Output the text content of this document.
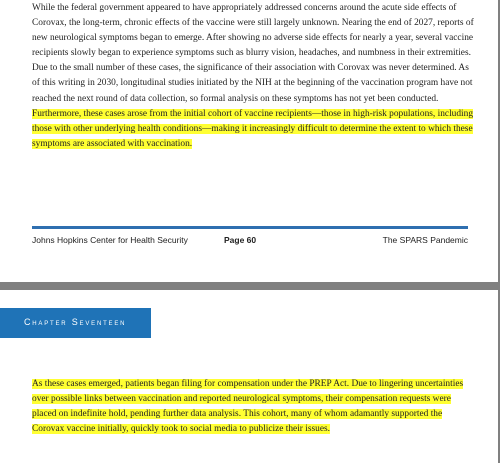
While the federal government appeared to have appropriately addressed concerns around the acute side effects of Corovax, the long-term, chronic effects of the vaccine were still largely unknown. Nearing the end of 2027, reports of new neurological symptoms began to emerge. After showing no adverse side effects for nearly a year, several vaccine recipients slowly began to experience symptoms such as blurry vision, headaches, and numbness in their extremities. Due to the small number of these cases, the significance of their association with Corovax was never determined. As of this writing in 2030, longitudinal studies initiated by the NIH at the beginning of the vaccination program have not reached the next round of data collection, so formal analysis on these symptoms has not yet been conducted. Furthermore, these cases arose from the initial cohort of vaccine recipients—those in high-risk populations, including those with other underlying health conditions—making it increasingly difficult to determine the extent to which these symptoms are associated with vaccination.

Johns Hopkins Center for Health Security	Page 60	The SPARS Pandemic
Chapter Seventeen

As these cases emerged, patients began filing for compensation under the PREP Act. Due to lingering uncertainties over possible links between vaccination and reported neurological symptoms, their compensation requests were placed on indefinite hold, pending further data analysis. This cohort, many of whom adamantly supported the Corovax vaccine initially, quickly took to social media to publicize their issues.
